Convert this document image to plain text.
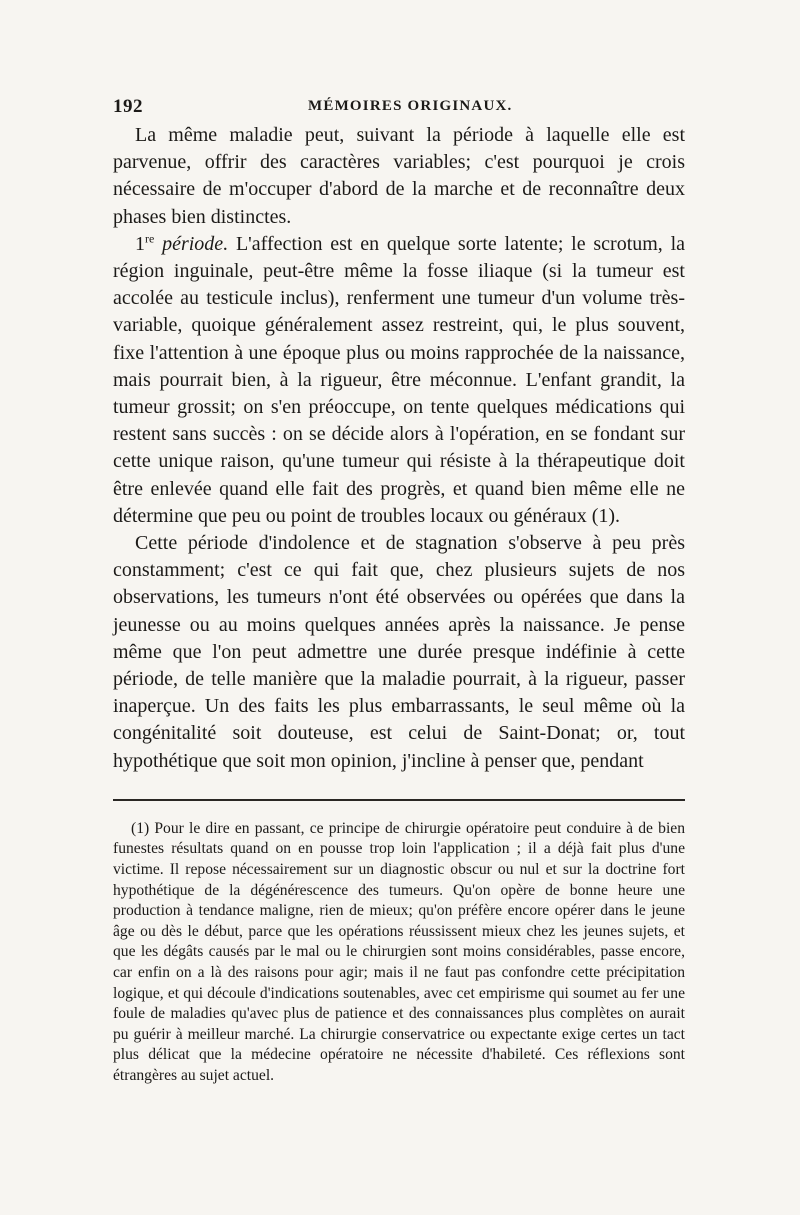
192	MÉMOIRES ORIGINAUX.

La même maladie peut, suivant la période à laquelle elle est parvenue, offrir des caractères variables; c'est pourquoi je crois nécessaire de m'occuper d'abord de la marche et de reconnaître deux phases bien distinctes.

1re période. L'affection est en quelque sorte latente; le scrotum, la région inguinale, peut-être même la fosse iliaque (si la tumeur est accolée au testicule inclus), renferment une tumeur d'un volume très-variable, quoique généralement assez restreint, qui, le plus souvent, fixe l'attention à une époque plus ou moins rapprochée de la naissance, mais pourrait bien, à la rigueur, être méconnue. L'enfant grandit, la tumeur grossit; on s'en préoccupe, on tente quelques médications qui restent sans succès : on se décide alors à l'opération, en se fondant sur cette unique raison, qu'une tumeur qui résiste à la thérapeutique doit être enlevée quand elle fait des progrès, et quand bien même elle ne détermine que peu ou point de troubles locaux ou généraux (1).

Cette période d'indolence et de stagnation s'observe à peu près constamment; c'est ce qui fait que, chez plusieurs sujets de nos observations, les tumeurs n'ont été observées ou opérées que dans la jeunesse ou au moins quelques années après la naissance. Je pense même que l'on peut admettre une durée presque indéfinie à cette période, de telle manière que la maladie pourrait, à la rigueur, passer inaperçue. Un des faits les plus embarrassants, le seul même où la congénitalité soit douteuse, est celui de Saint-Donat; or, tout hypothétique que soit mon opinion, j'incline à penser que, pendant

(1) Pour le dire en passant, ce principe de chirurgie opératoire peut conduire à de bien funestes résultats quand on en pousse trop loin l'application ; il a déjà fait plus d'une victime. Il repose nécessairement sur un diagnostic obscur ou nul et sur la doctrine fort hypothétique de la dégénérescence des tumeurs. Qu'on opère de bonne heure une production à tendance maligne, rien de mieux; qu'on préfère encore opérer dans le jeune âge ou dès le début, parce que les opérations réussissent mieux chez les jeunes sujets, et que les dégâts causés par le mal ou le chirurgien sont moins considérables, passe encore, car enfin on a là des raisons pour agir; mais il ne faut pas confondre cette précipitation logique, et qui découle d'indications soutenables, avec cet empirisme qui soumet au fer une foule de maladies qu'avec plus de patience et des connaissances plus complètes on aurait pu guérir à meilleur marché. La chirurgie conservatrice ou expectante exige certes un tact plus délicat que la médecine opératoire ne nécessite d'habileté. Ces réflexions sont étrangères au sujet actuel.
